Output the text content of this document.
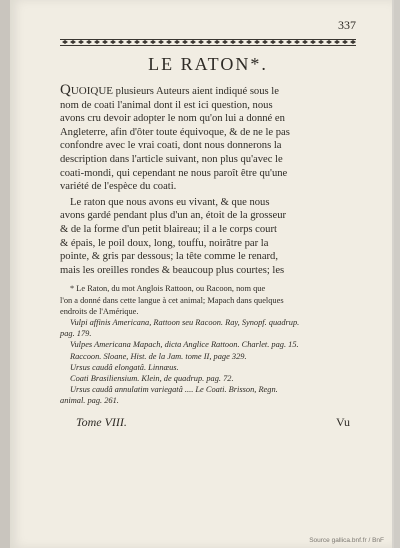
337
LE RATON*.
Quoique plusieurs Auteurs aient indiqué sous le
nom de coati l'animal dont il est ici question, nous
avons cru devoir adopter le nom qu'on lui a donné en
Angleterre, afin d'ôter toute équivoque, & de ne le pas
confondre avec le vrai coati, dont nous donnerons la
description dans l'article suivant, non plus qu'avec le
coati-mondi, qui cependant ne nous paroît être qu'une
variété de l'espèce du coati.
Le raton que nous avons eu vivant, & que nous
avons gardé pendant plus d'un an, étoit de la grosseur
& de la forme d'un petit blaireau; il a le corps court
& épais, le poil doux, long, touffu, noirâtre par la
pointe, & gris par dessous; la tête comme le renard,
mais les oreilles rondes & beaucoup plus courtes; les
* Le Raton, du mot Anglois Rattoon, ou Racoon, nom que
l'on a donné dans cette langue à cet animal; Mapach dans quelques
endroits de l'Amérique.
Vulpi affinis Americana, Rattoon seu Racoon. Ray, Synopf. quadrup.
pag. 179.
Vulpes Americana Mapach, dicta Anglice Rattoon. Charlet. pag. 15.
Raccoon. Sloane, Hist. de la Jam. tome II, page 329.
Ursus caudâ elongatâ. Linnæus.
Coati Brasiliensium. Klein, de quadrup. pag. 72.
Ursus caudâ annulatim variegatâ .... Le Coati. Brisson, Regn.
animal. pag. 261.
Tome VIII.	Vu
Source gallica.bnf.fr / BnF
